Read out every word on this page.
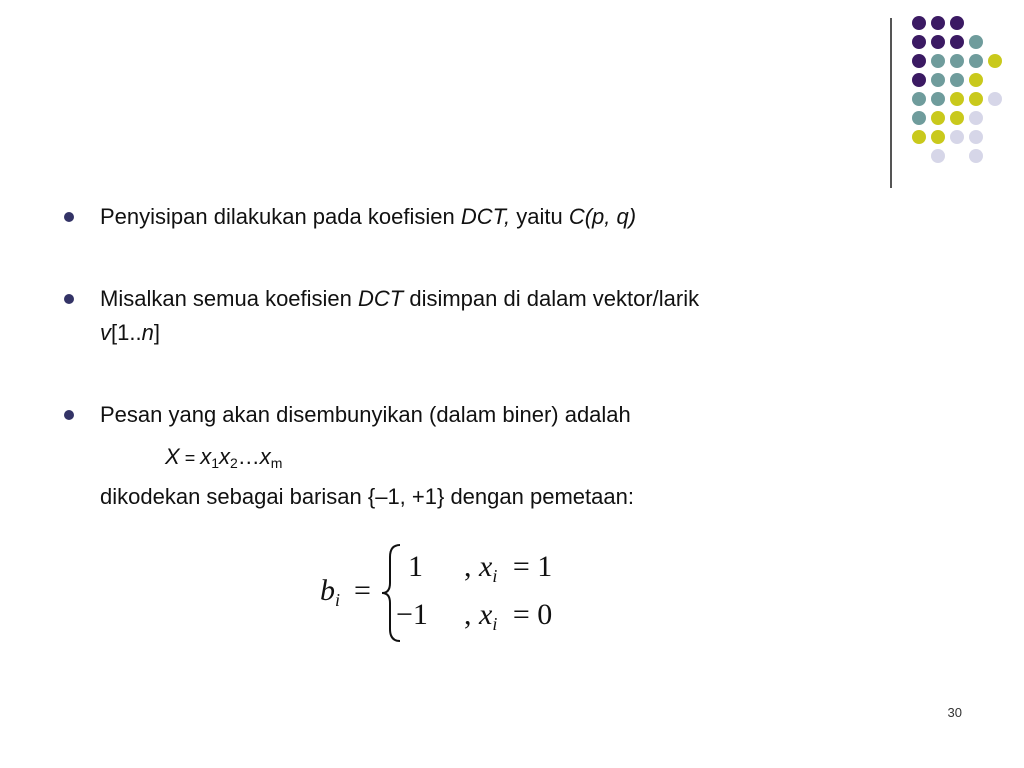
Penyisipan dilakukan pada koefisien DCT, yaitu C(p, q)
Misalkan semua koefisien DCT disimpan di dalam vektor/larik
v[1..n]
Pesan yang akan disembunyikan (dalam biner) adalah
$X = x_1x_2\dots x_m$
dikodekan sebagai barisan {–1, +1} dengan pemetaan:
$b_i$ =
1 , $x_i = 1$
−1 , $x_i = 0$
30
